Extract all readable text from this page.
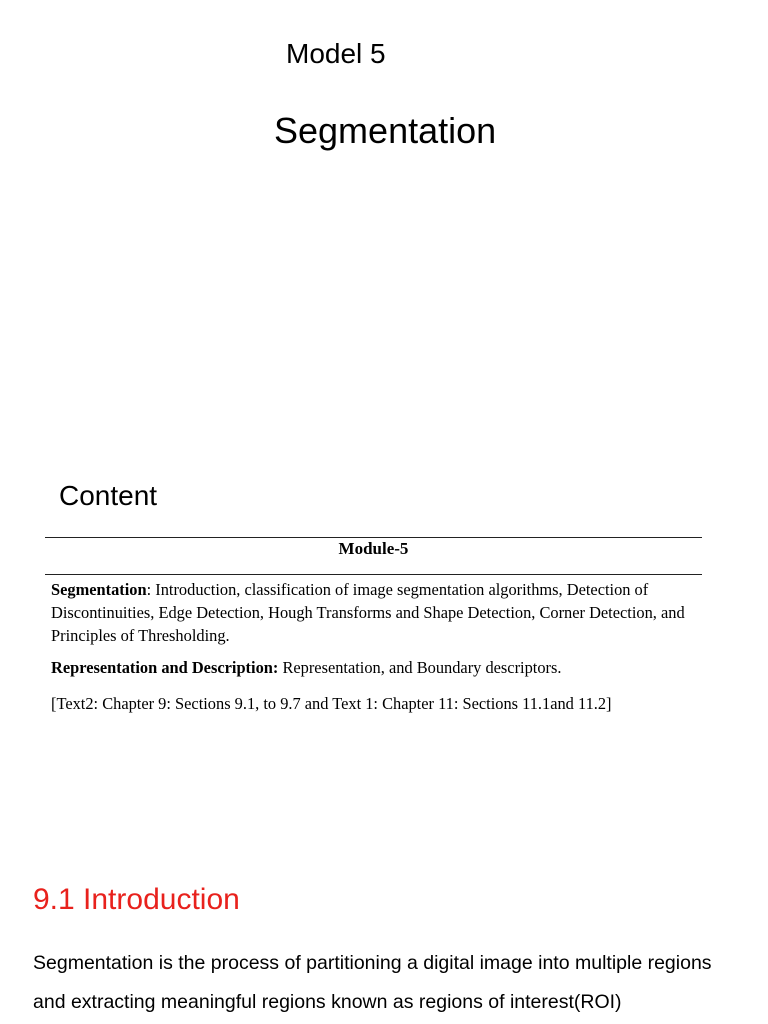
Model 5
Segmentation
Content
Module-5
Segmentation: Introduction, classification of image segmentation algorithms, Detection of Discontinuities, Edge Detection, Hough Transforms and Shape Detection, Corner Detection, and Principles of Thresholding.
Representation and Description: Representation, and Boundary descriptors.
[Text2: Chapter 9: Sections 9.1, to 9.7 and Text 1: Chapter 11: Sections 11.1and 11.2]
9.1 Introduction
Segmentation is the process of partitioning a digital image into multiple regions and extracting meaningful regions known as regions of interest(ROI)
